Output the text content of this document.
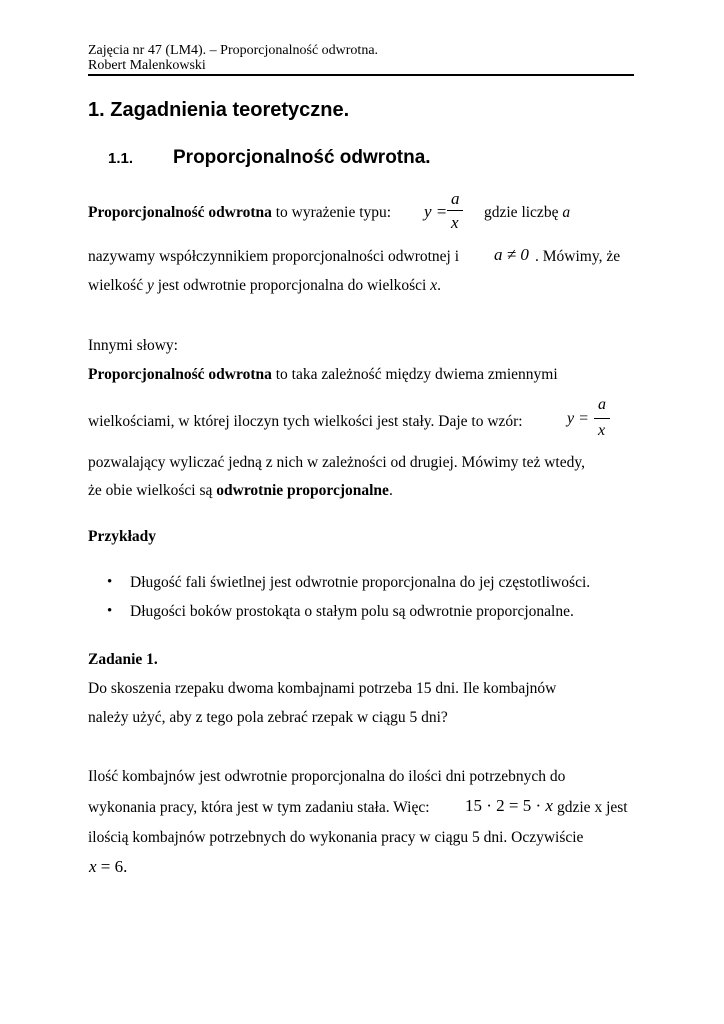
Zajęcia nr 47 (LM4). – Proporcjonalność odwrotna.
Robert Malenkowski
1. Zagadnienia teoretyczne.
1.1. Proporcjonalność odwrotna.
Proporcjonalność odwrotna to wyrażenie typu: y =
a
x
gdzie liczbę a
nazywamy współczynnikiem proporcjonalności odwrotnej i a ≠ 0 . Mówimy, że
wielkość y jest odwrotnie proporcjonalna do wielkości x.
Innymi słowy:
Proporcjonalność odwrotna to taka zależność między dwiema zmiennymi
wielkościami, w której iloczyn tych wielkości jest stały. Daje to wzór:	y =
a
x
pozwalający wyliczać jedną z nich w zależności od drugiej. Mówimy też wtedy,
że obie wielkości są odwrotnie proporcjonalne.
Przykłady
• Długość fali świetlnej jest odwrotnie proporcjonalna do jej częstotliwości.
• Długości boków prostokąta o stałym polu są odwrotnie proporcjonalne.
Zadanie 1.
Do skoszenia rzepaku dwoma kombajnami potrzeba 15 dni. Ile kombajnów
należy użyć, aby z tego pola zebrać rzepak w ciągu 5 dni?
Ilość kombajnów jest odwrotnie proporcjonalna do ilości dni potrzebnych do
wykonania pracy, która jest w tym zadaniu stała. Więc: 15 · 2 = 5 · x gdzie x jest
ilością kombajnów potrzebnych do wykonania pracy w ciągu 5 dni. Oczywiście
x = 6.
